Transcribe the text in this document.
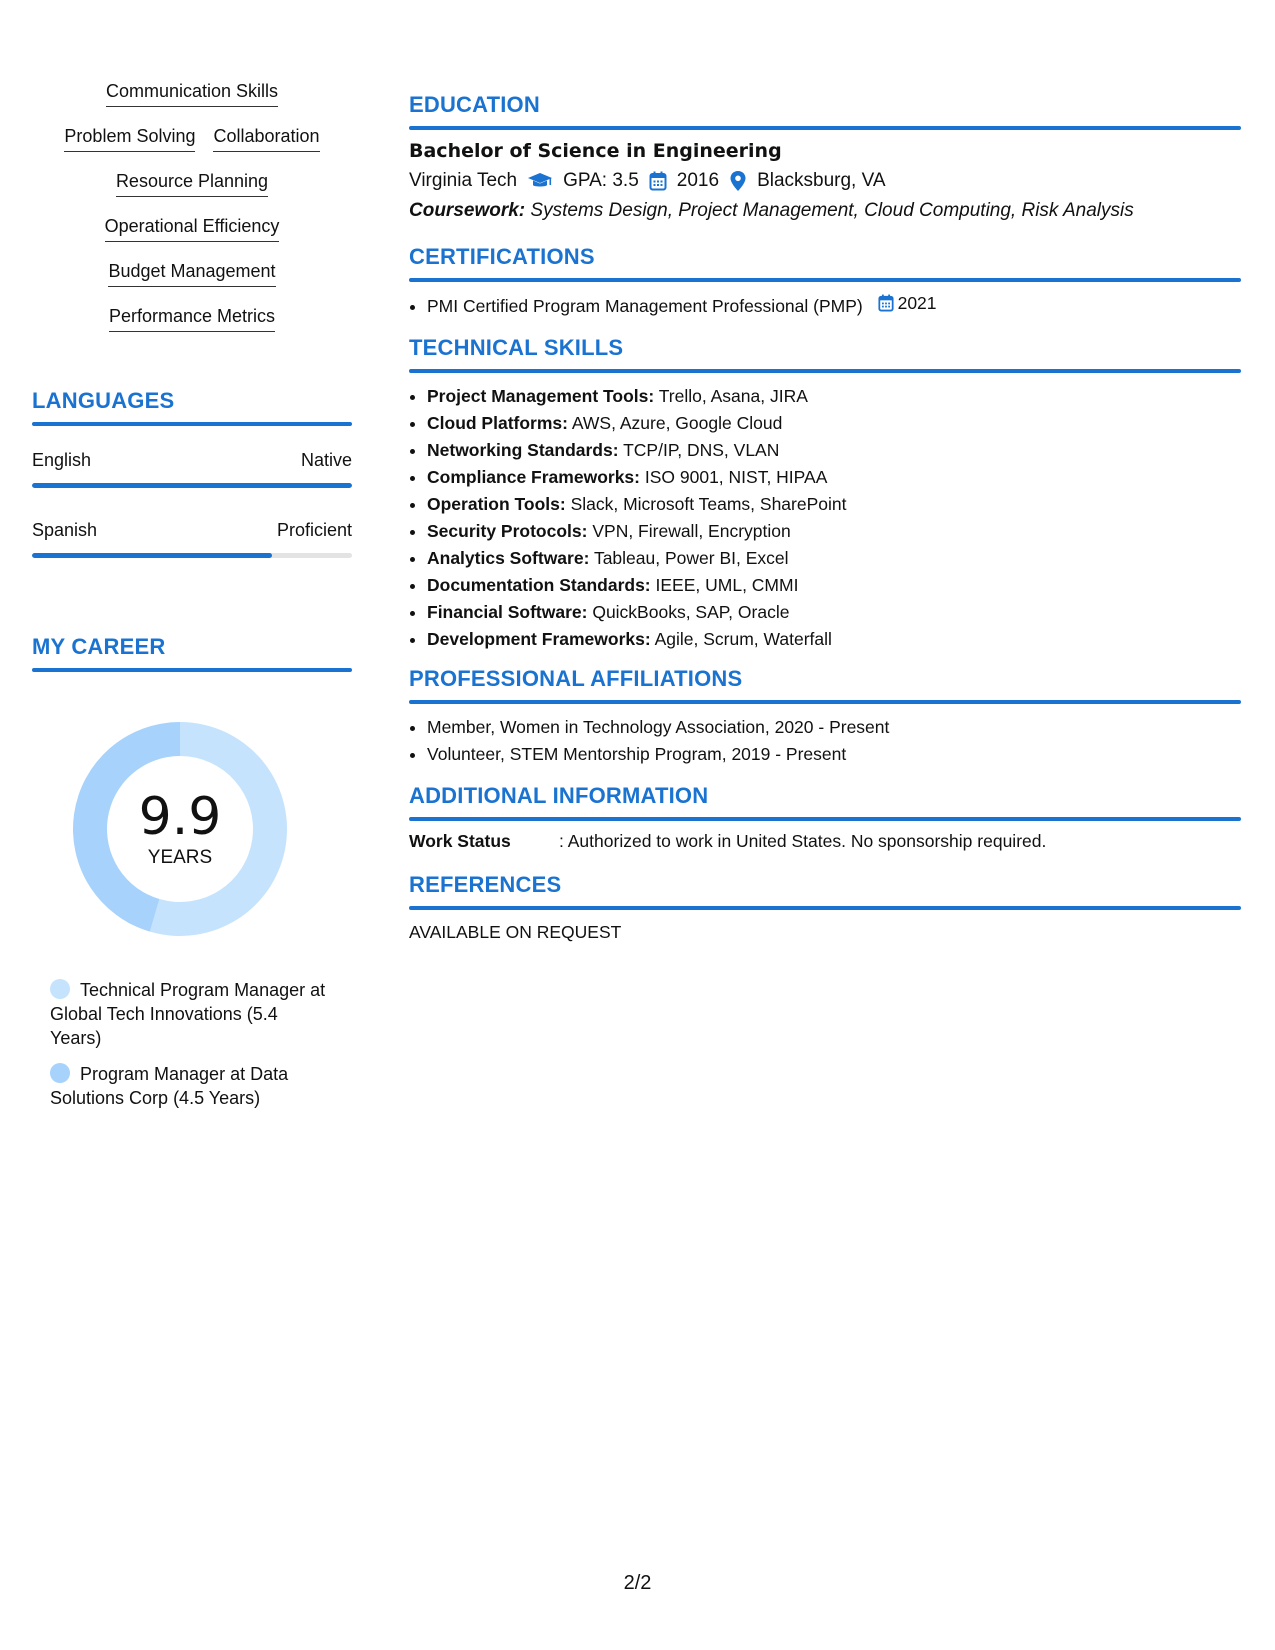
Communication Skills
Problem Solving Collaboration
Resource Planning
Operational Efficiency
Budget Management
Performance Metrics
LANGUAGES
English	Native
Spanish	Proficient
MY CAREER
9.9
YEARS
Technical Program Manager at Global Tech Innovations (5.4 Years)
Program Manager at Data Solutions Corp (4.5 Years)
EDUCATION
Bachelor of Science in Engineering
Virginia Tech GPA: 3.5 2016 Blacksburg, VA
Coursework: Systems Design, Project Management, Cloud Computing, Risk Analysis
CERTIFICATIONS
• PMI Certified Program Management Professional (PMP) 2021
TECHNICAL SKILLS
• Project Management Tools: Trello, Asana, JIRA
• Cloud Platforms: AWS, Azure, Google Cloud
• Networking Standards: TCP/IP, DNS, VLAN
• Compliance Frameworks: ISO 9001, NIST, HIPAA
• Operation Tools: Slack, Microsoft Teams, SharePoint
• Security Protocols: VPN, Firewall, Encryption
• Analytics Software: Tableau, Power BI, Excel
• Documentation Standards: IEEE, UML, CMMI
• Financial Software: QuickBooks, SAP, Oracle
• Development Frameworks: Agile, Scrum, Waterfall
PROFESSIONAL AFFILIATIONS
• Member, Women in Technology Association, 2020 - Present
• Volunteer, STEM Mentorship Program, 2019 - Present
ADDITIONAL INFORMATION
Work Status	: Authorized to work in United States. No sponsorship required.
REFERENCES
AVAILABLE ON REQUEST
2/2
